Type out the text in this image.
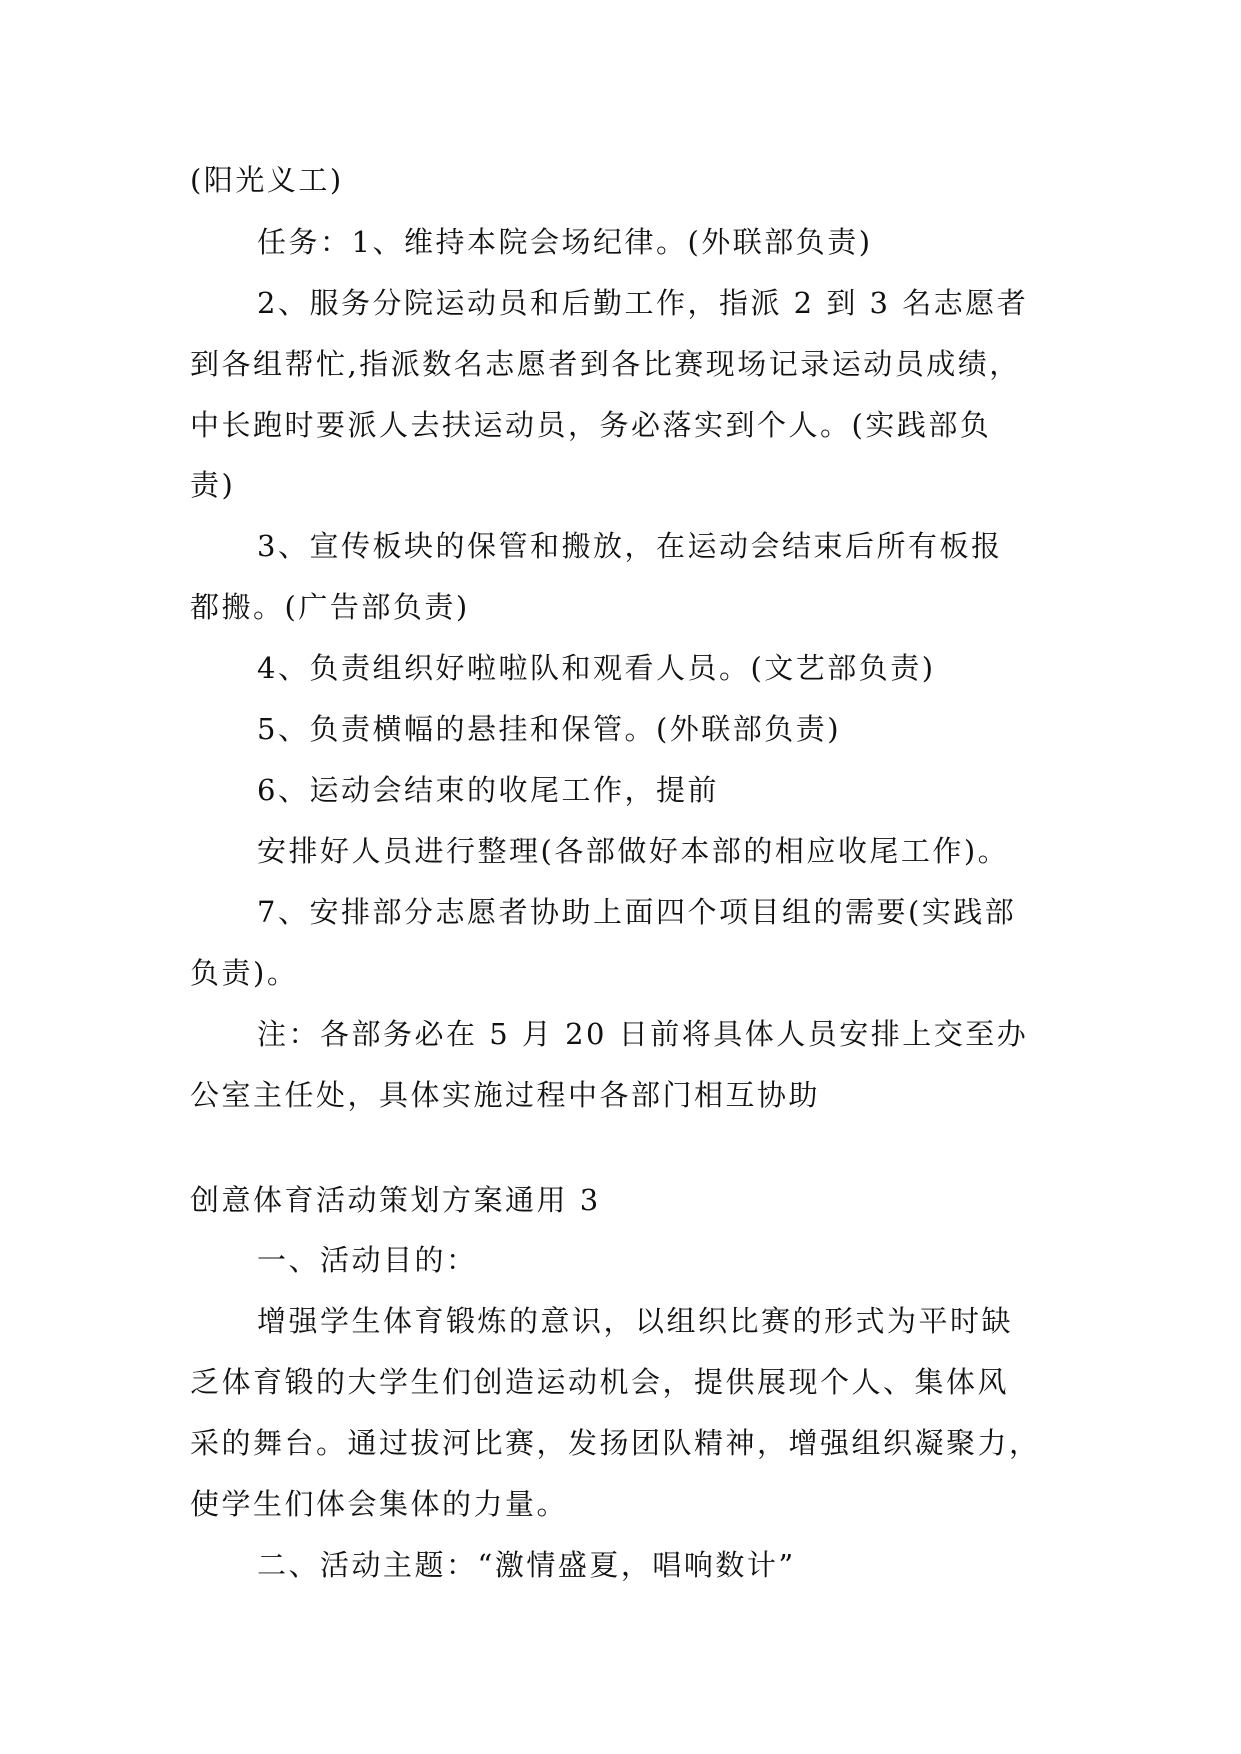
(阳光义工)

任务：1、维持本院会场纪律。(外联部负责)

2、服务分院运动员和后勤工作，指派 2 到 3 名志愿者

到各组帮忙,指派数名志愿者到各比赛现场记录运动员成绩，

中长跑时要派人去扶运动员，务必落实到个人。(实践部负

责)

3、宣传板块的保管和搬放，在运动会结束后所有板报

都搬。(广告部负责)

4、负责组织好啦啦队和观看人员。(文艺部负责)

5、负责横幅的悬挂和保管。(外联部负责)

6、运动会结束的收尾工作，提前

安排好人员进行整理(各部做好本部的相应收尾工作)。

7、安排部分志愿者协助上面四个项目组的需要(实践部

负责)。

注：各部务必在 5 月 20 日前将具体人员安排上交至办

公室主任处，具体实施过程中各部门相互协助

创意体育活动策划方案通用 3

一、活动目的：

增强学生体育锻炼的意识，以组织比赛的形式为平时缺

乏体育锻的大学生们创造运动机会，提供展现个人、集体风

采的舞台。通过拔河比赛，发扬团队精神，增强组织凝聚力，

使学生们体会集体的力量。

二、活动主题：“激情盛夏，唱响数计”
